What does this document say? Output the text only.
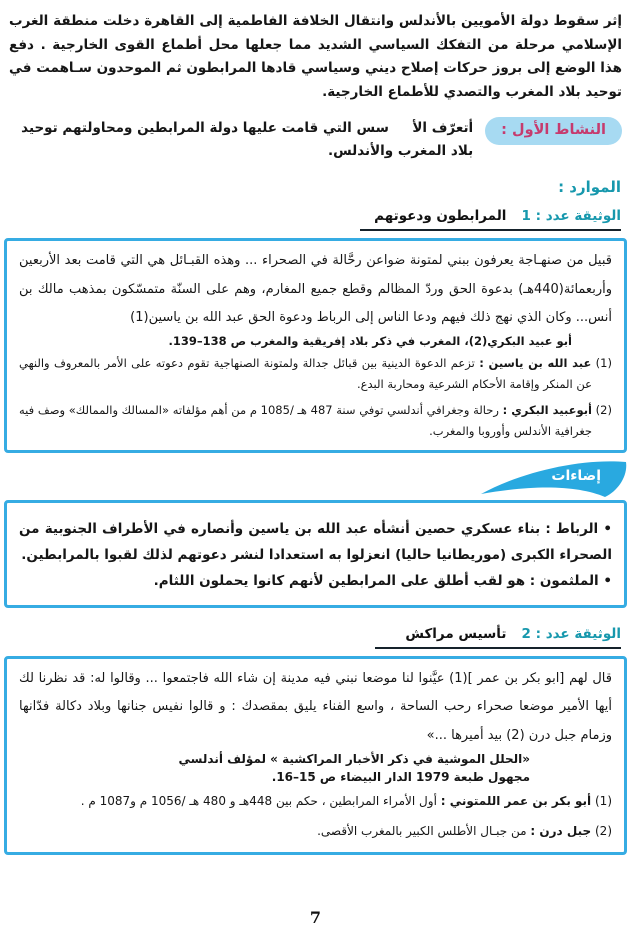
إثر سقوط دولة الأمويين بالأندلس وانتقال الخلافة الفاطمية إلى القاهرة دخلت منطقة الغرب الإسلامي مرحلة من التفكك السياسي الشديد مما جعلها محل أطماع القوى الخارجية . دفع هذا الوضع إلى بروز حركات إصلاح ديني وسياسي قادها المرابطون ثم الموحدون سـاهمت في توحيد بلاد المغرب والتصدي للأطماع الخارجية.

النشاط الأول :

أتعرّف الأ     سس التي قامت عليها دولة المرابطين ومحاولتهم توحيد بلاد المغرب والأندلس.

الموارد :
الوثيقة عدد : 1 المرابطون ودعوتهم

قبيل من صنهـاجة يعرفون ببني لمتونة ضواعن رحَّالة في الصحراء ... وهذه القبـائل هي التي قامت بعد الأربعين وأربعمائة(440هـ) بدعوة الحق وردّ المظالم وقطع جميع المغارم، وهم على السنّة متمسّكون بمذهب مالك بن أنس... وكان الذي نهج ذلك فيهم ودعا الناس إلى الرباط ودعوة الحق عبد الله بن ياسين(1)

أبو عبيد البكري(2)، المغرب في ذكر بلاد إفريقية والمغرب ص 138–139.
(1) عبد الله بن ياسين : تزعم الدعوة الدينية بين قبائل جدالة ولمتونة الصنهاجية تقوم دعوته على الأمر بالمعروف والنهي عن المنكر وإقامة الأحكام الشرعية ومحاربة البدع.
(2) أبوعبيد البكري : رحالة وجغرافي أندلسي توفي سنة 487 هـ /1085 م من أهم مؤلفاته «المسالك والممالك» وصف فيه جغرافية الأندلس وأوروبا والمغرب.
إضاءات

• الرباط : بناء عسكري حصين أنشأه عبد الله بن ياسين وأنصاره في الأطراف الجنوبية من الصحراء الكبرى (موريطانيا حاليا) انعزلوا به استعدادا لنشر دعوتهم لذلك لقبوا بالمرابطين.

• الملثمون : هو لقب أطلق على المرابطين لأنهم كانوا يحملون اللثام.

الوثيقة عدد : 2 تأسيس مراكش

قال لهم [ابو بكر بن عمر ](1) عيَّنوا لنا موضعا نبني فيه مدينة إن شاء الله فاجتمعوا ... وقالوا له: قد نظرنا لك أيها الأمير موضعا صحراء رحب الساحة ، واسع الفناء يليق بمقصدك : و قالوا نفيس جنانها وبلاد دكالة فدّانها وزمام جبل درن (2) بيد أميرها ...»

«الحلل الموشية في ذكر الأخبار المراكشية » لمؤلف أندلسي
مجهول طبعة 1979 الدار البيضاء ص 15–16.
(1) أبو بكر بن عمر اللمتوني : أول الأمراء المرابطين ، حكم بين 448هـ و 480 هـ /1056 م و1087 م .
(2) جبل درن : من جبـال الأطلس الكبير بالمغرب الأقصى.
7
